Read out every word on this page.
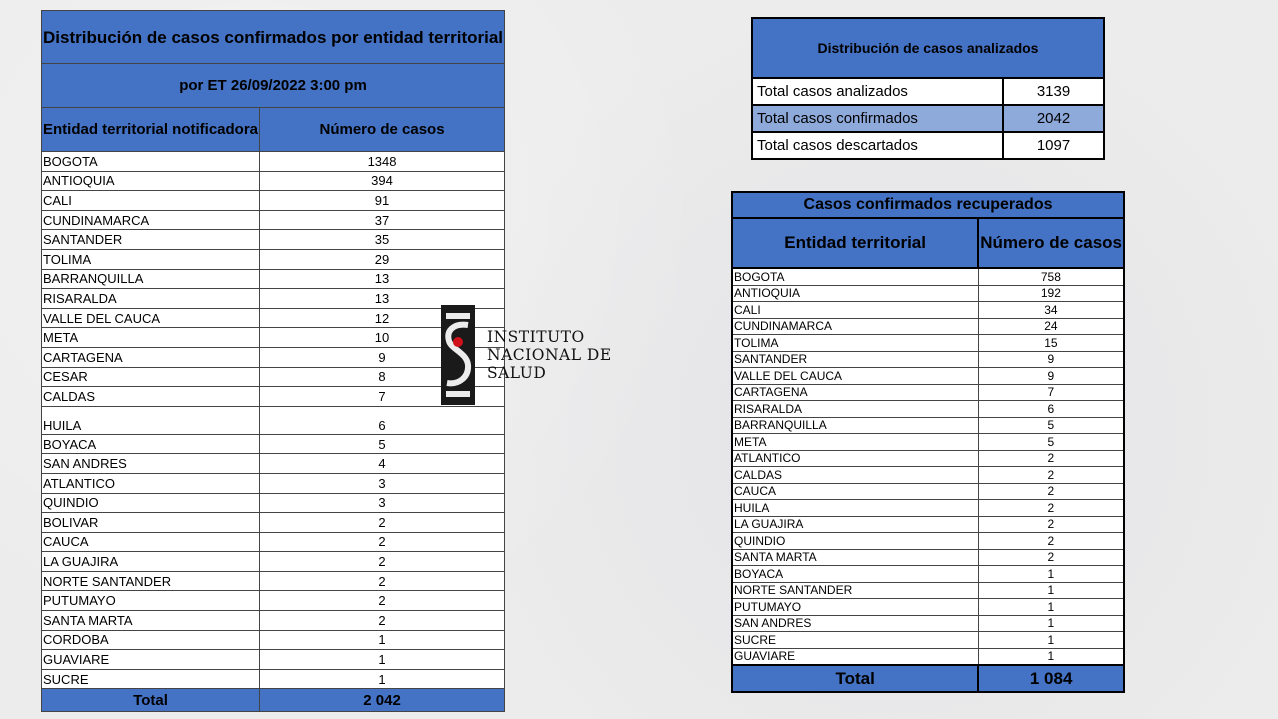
Distribución de casos confirmados por entidad territorial	
por ET 26/09/2022 3:00 pm	
Entidad territorial notificadora	Número de casos
BOGOTA	1348
ANTIOQUIA	394
CALI	91
CUNDINAMARCA	37
SANTANDER	35
TOLIMA	29
BARRANQUILLA	13
RISARALDA	13
VALLE DEL CAUCA	12
META	10
CARTAGENA	9
CESAR	8
CALDAS	7
HUILA	6
BOYACA	5
SAN ANDRES	4
ATLANTICO	3
QUINDIO	3
BOLIVAR	2
CAUCA	2
LA GUAJIRA	2
NORTE SANTANDER	2
PUTUMAYO	2
SANTA MARTA	2
CORDOBA	1
GUAVIARE	1
SUCRE	1
Total	2 042
INSTITUTO
NACIONAL DE
SALUD
Distribución de casos analizados	
Total casos analizados	3139
Total casos confirmados	2042
Total casos descartados	1097
Casos confirmados recuperados	
Entidad territorial	Número de casos
BOGOTA	758
ANTIOQUIA	192
CALI	34
CUNDINAMARCA	24
TOLIMA	15
SANTANDER	9
VALLE DEL CAUCA	9
CARTAGENA	7
RISARALDA	6
BARRANQUILLA	5
META	5
ATLANTICO	2
CALDAS	2
CAUCA	2
HUILA	2
LA GUAJIRA	2
QUINDIO	2
SANTA MARTA	2
BOYACA	1
NORTE SANTANDER	1
PUTUMAYO	1
SAN ANDRES	1
SUCRE	1
GUAVIARE	1
Total	1 084
